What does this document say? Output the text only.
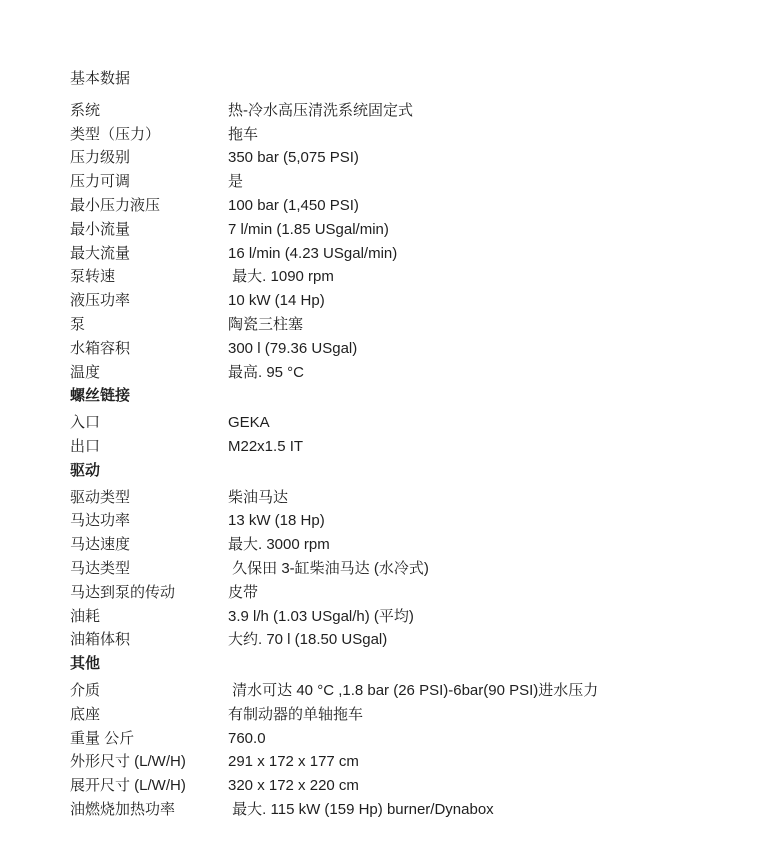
基本数据
系统	热-冷水高压清洗系统固定式
类型（压力）	拖车
压力级别	350 bar (5,075 PSI)
压力可调	是
最小压力液压	100 bar (1,450 PSI)
最小流量	7 l/min (1.85 USgal/min)
最大流量	16 l/min (4.23 USgal/min)
泵转速	最大. 1090 rpm
液压功率	10 kW (14 Hp)
泵	陶瓷三柱塞
水箱容积	300 l (79.36 USgal)
温度	最高. 95 °C
螺丝链接
入口	GEKA
出口	M22x1.5 IT
驱动
驱动类型	柴油马达
马达功率	13 kW (18 Hp)
马达速度	最大. 3000 rpm
马达类型	久保田 3-缸柴油马达 (水冷式)
马达到泵的传动	皮带
油耗	3.9 l/h (1.03 USgal/h) (平均)
油箱体积	大约. 70 l (18.50 USgal)
其他
介质	清水可达 40 °C ,1.8 bar (26 PSI)-6bar(90 PSI)进水压力
底座	有制动器的单轴拖车
重量 公斤	760.0
外形尺寸 (L/W/H)	291 x 172 x 177 cm
展开尺寸 (L/W/H)	320 x 172 x 220 cm
油燃烧加热功率	最大. 115 kW (159 Hp) burner/Dynabox
